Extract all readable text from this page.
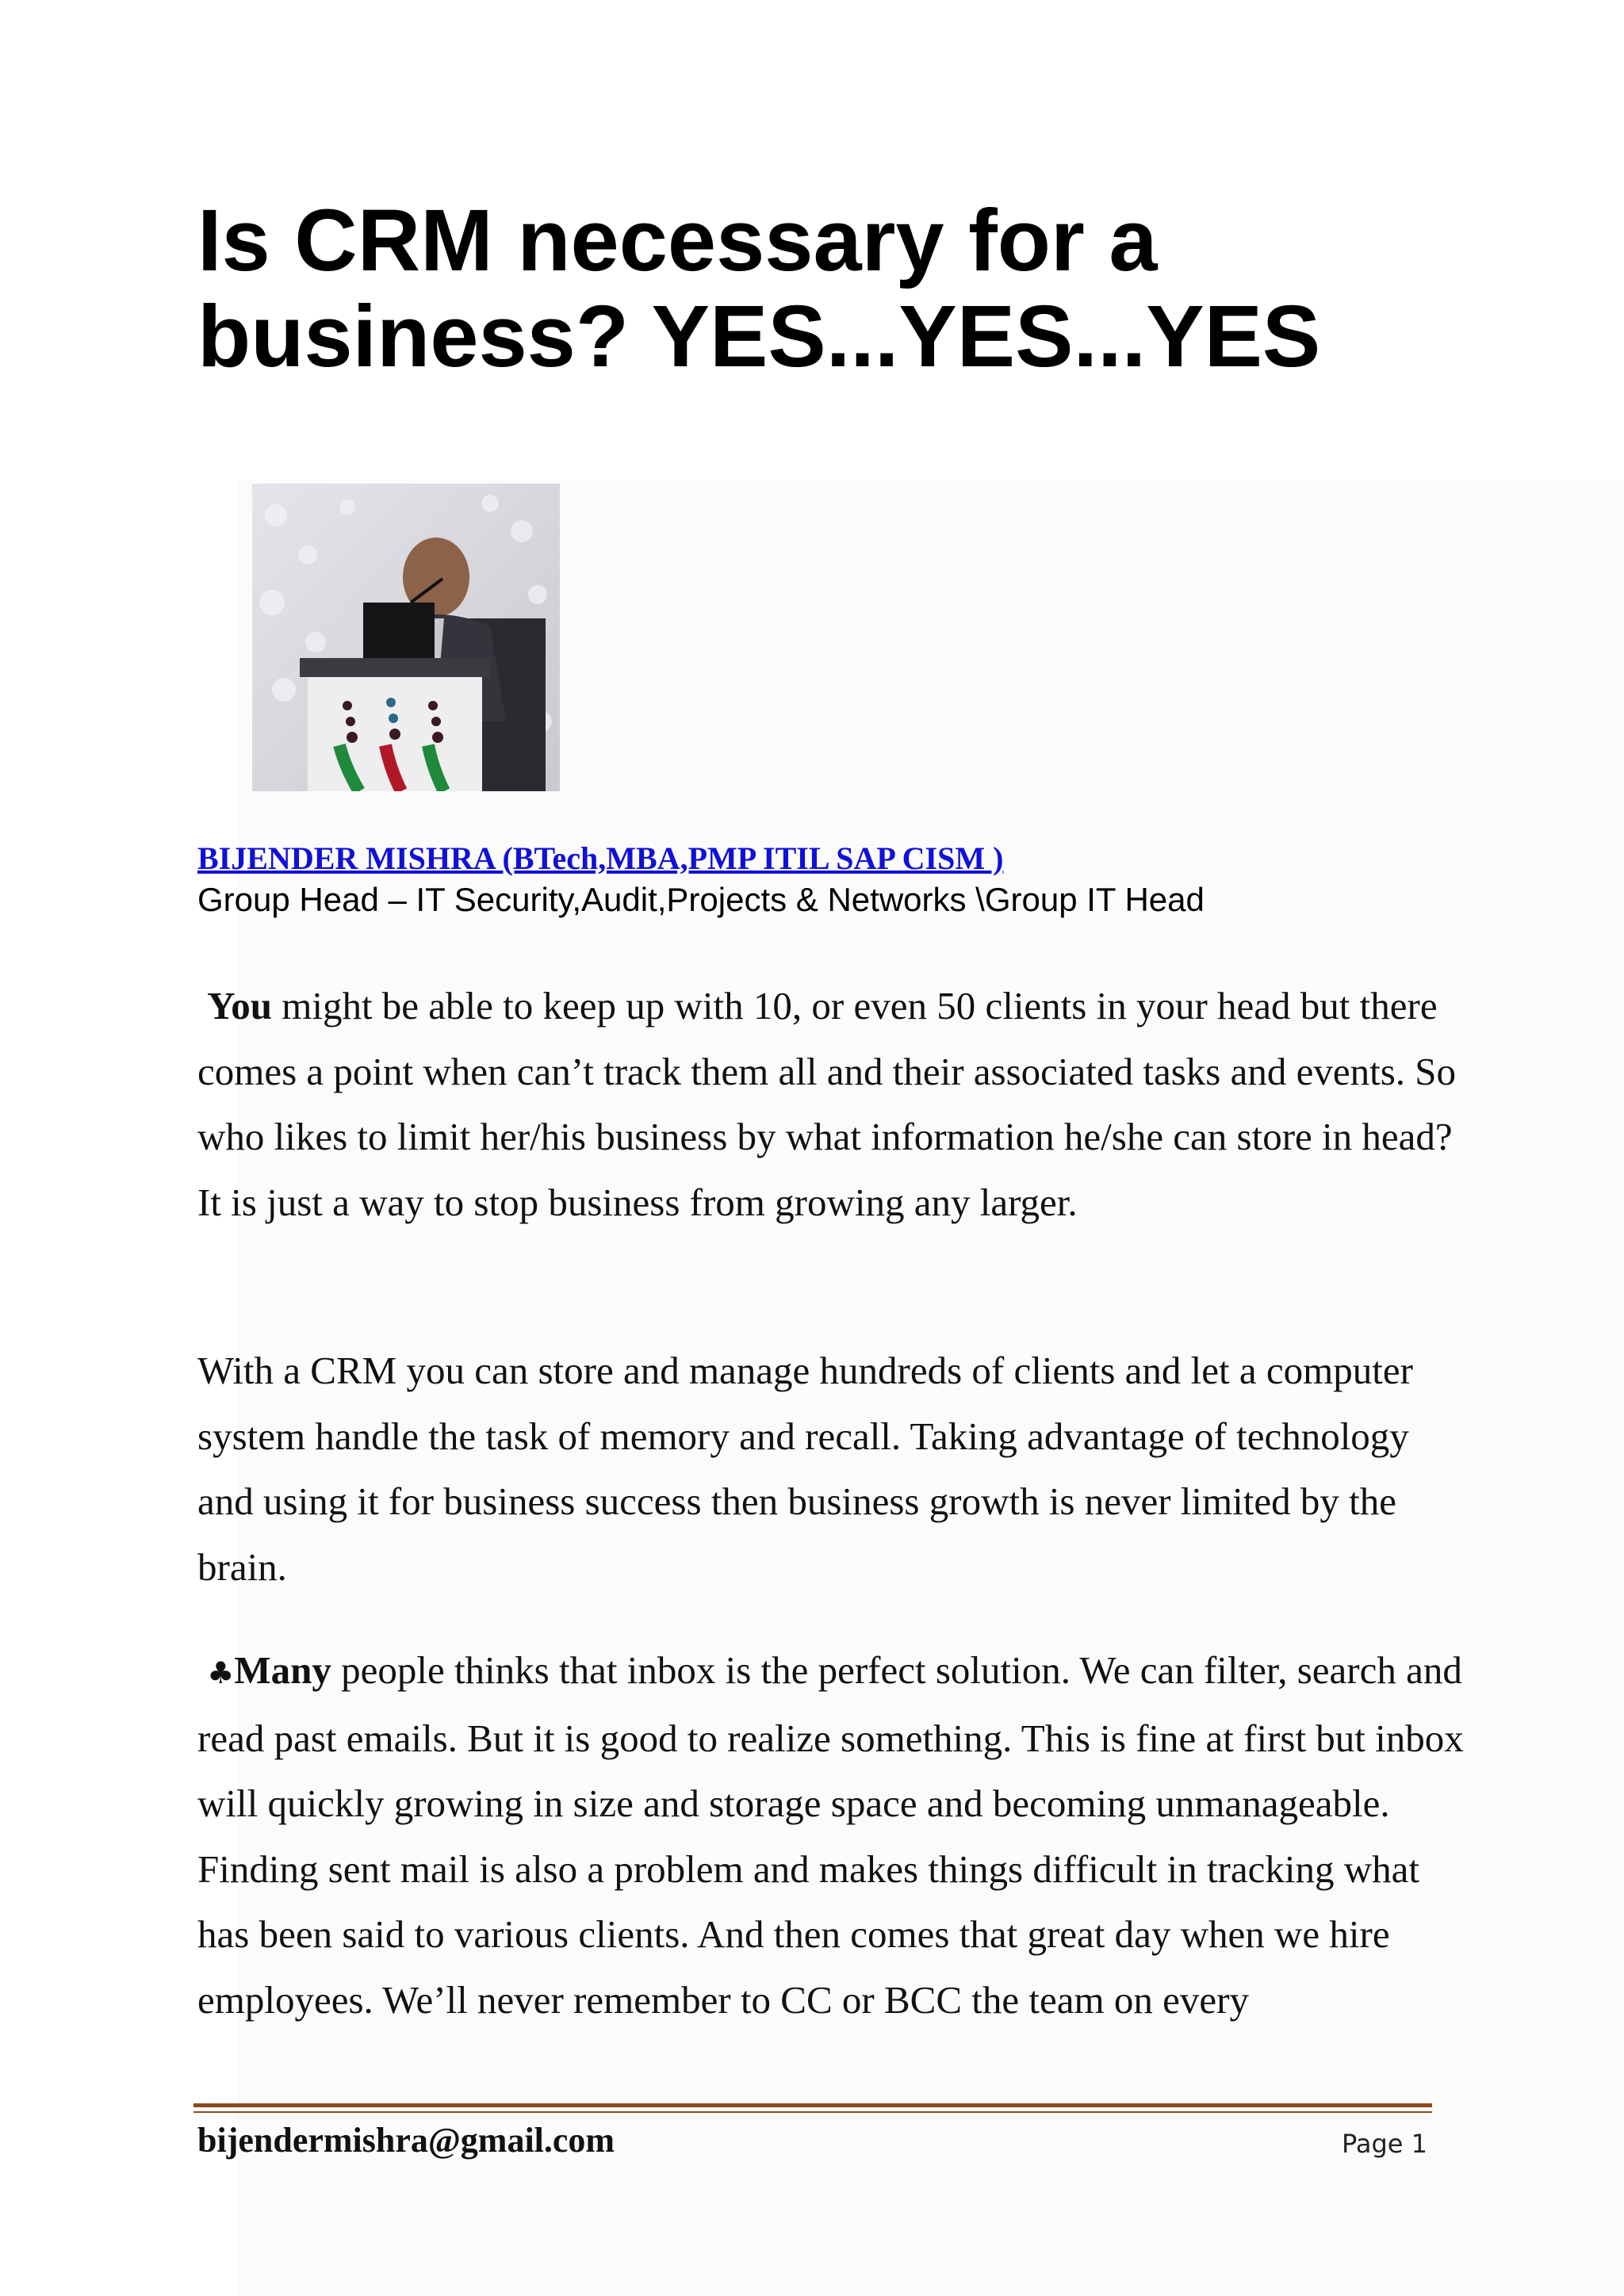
Is CRM necessary for a business? YES...YES...YES
BIJENDER MISHRA (BTech,MBA,PMP ITIL SAP CISM )
Group Head – IT Security,Audit,Projects & Networks \Group IT Head

You might be able to keep up with 10, or even 50 clients in your head but there comes a point when can’t track them all and their associated tasks and events. So who likes to limit her/his business by what information he/she can store in head? It is just a way to stop business from growing any larger.

With a CRM you can store and manage hundreds of clients and let a computer system handle the task of memory and recall. Taking advantage of technology and using it for business success then business growth is never limited by the brain.

♣Many people thinks that inbox is the perfect solution. We can filter, search and read past emails. But it is good to realize something. This is fine at first but inbox will quickly growing in size and storage space and becoming unmanageable. Finding sent mail is also a problem and makes things difficult in tracking what has been said to various clients. And then comes that great day when we hire employees. We’ll never remember to CC or BCC the team on every

bijendermishra@gmail.com	Page 1
